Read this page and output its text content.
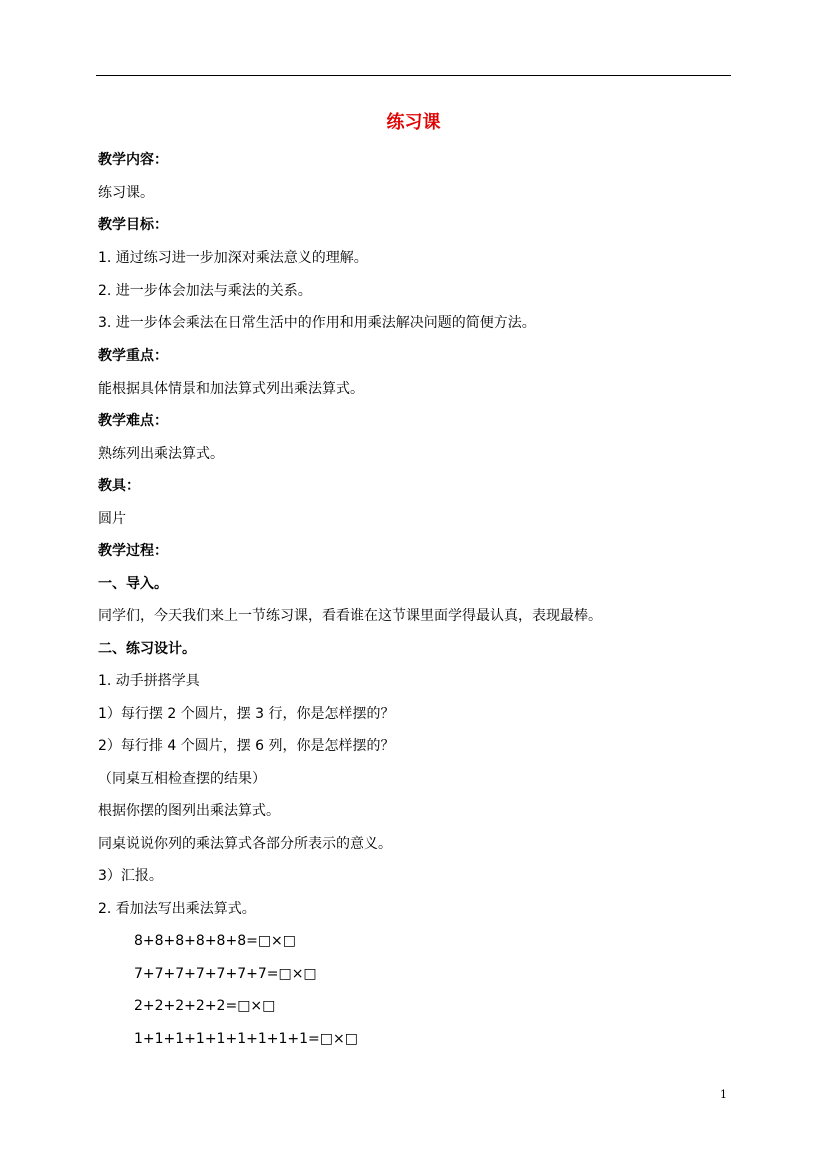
练习课
教学内容：
练习课。
教学目标：
1. 通过练习进一步加深对乘法意义的理解。
2. 进一步体会加法与乘法的关系。
3. 进一步体会乘法在日常生活中的作用和用乘法解决问题的简便方法。
教学重点：
能根据具体情景和加法算式列出乘法算式。
教学难点：
熟练列出乘法算式。
教具：
圆片
教学过程：
一、导入。
同学们，今天我们来上一节练习课，看看谁在这节课里面学得最认真，表现最棒。
二、练习设计。
1. 动手拼搭学具
1）每行摆 2 个圆片，摆 3 行，你是怎样摆的？
2）每行排 4 个圆片，摆 6 列，你是怎样摆的？
（同桌互相检查摆的结果）
根据你摆的图列出乘法算式。
同桌说说你列的乘法算式各部分所表示的意义。
3）汇报。
2. 看加法写出乘法算式。
8+8+8+8+8+8=□×□
7+7+7+7+7+7+7=□×□
2+2+2+2+2=□×□
1+1+1+1+1+1+1+1+1=□×□
1
